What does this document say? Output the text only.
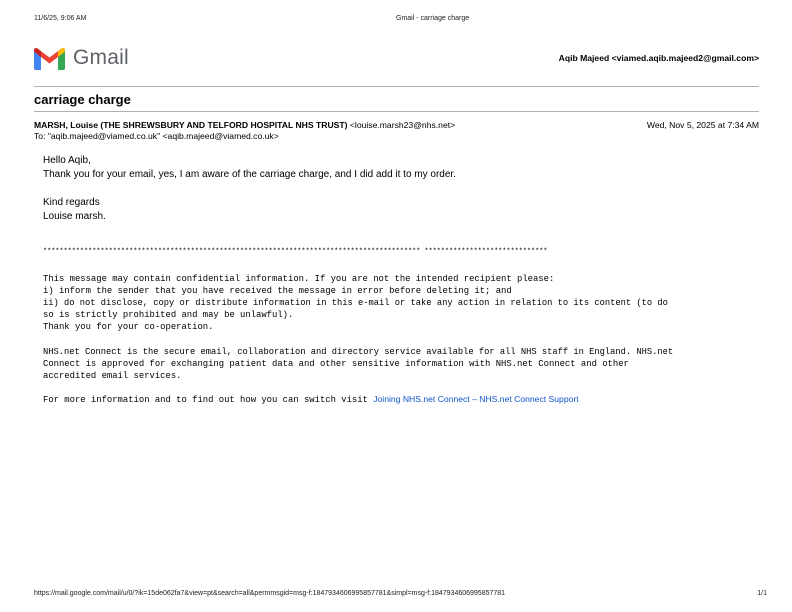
11/6/25, 9:06 AM	Gmail - carriage charge
Gmail	Aqib Majeed <viamed.aqib.majeed2@gmail.com>
carriage charge
MARSH, Louise (THE SHREWSBURY AND TELFORD HOSPITAL NHS TRUST) <louise.marsh23@nhs.net>	Wed, Nov 5, 2025 at 7:34 AM
To: "aqib.majeed@viamed.co.uk" <aqib.majeed@viamed.co.uk>
Hello Aqib,
Thank you for your email, yes, I am aware of the carriage charge, and I did add it to my order.
Kind regards
Louise marsh.
******************************************************************************************** ******************************
This message may contain confidential information. If you are not the intended recipient please:
i) inform the sender that you have received the message in error before deleting it; and
ii) do not disclose, copy or distribute information in this e-mail or take any action in relation to its content (to do
so is strictly prohibited and may be unlawful).
Thank you for your co-operation.
NHS.net Connect is the secure email, collaboration and directory service available for all NHS staff in England. NHS.net
Connect is approved for exchanging patient data and other sensitive information with NHS.net Connect and other
accredited email services.
For more information and to find out how you can switch visit Joining NHS.net Connect – NHS.net Connect Support
https://mail.google.com/mail/u/0/?ik=15de062fa7&view=pt&search=all&permmsgid=msg-f:1847934606995857781&simpl=msg-f:1847934606995857781	1/1
